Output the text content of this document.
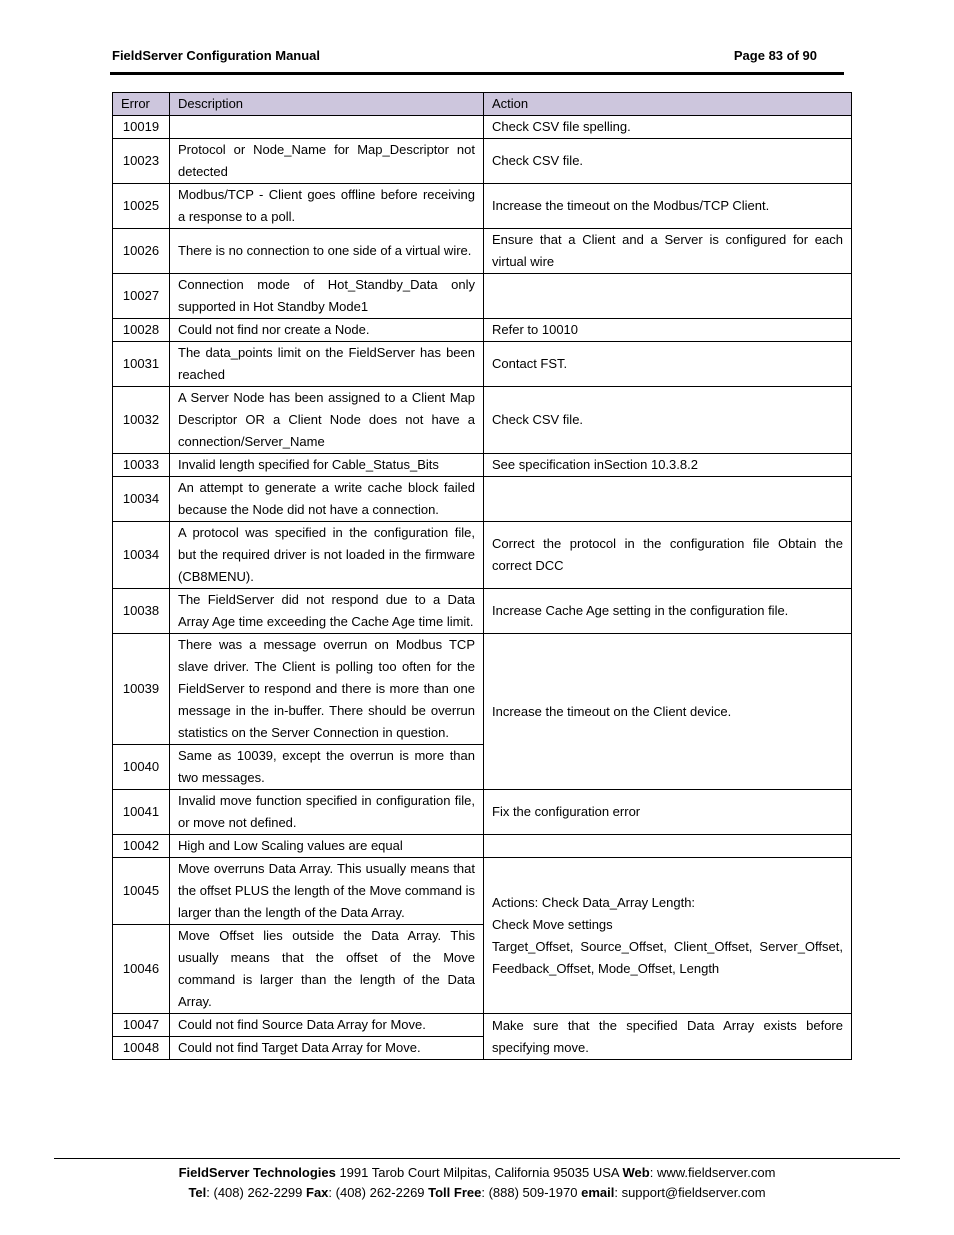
FieldServer Configuration Manual	Page 83 of 90
Error	Description	Action
10019		Check CSV file spelling.
10023	Protocol or Node_Name for Map_Descriptor not detected	Check CSV file.
10025	Modbus/TCP - Client goes offline before receiving a response to a poll.	Increase the timeout on the Modbus/TCP Client.
10026	There is no connection to one side of a virtual wire.	Ensure that a Client and a Server is configured for each virtual wire
10027	Connection mode of Hot_Standby_Data only supported in Hot Standby Mode1	
10028	Could not find nor create a Node.	Refer to 10010
10031	The data_points limit on the FieldServer has been reached	Contact FST.
10032	A Server Node has been assigned to a Client Map Descriptor OR a Client Node does not have a connection/Server_Name	Check CSV file.
10033	Invalid length specified for Cable_Status_Bits	See specification inSection 10.3.8.2
10034	An attempt to generate a write cache block failed because the Node did not have a connection.	
10034	A protocol was specified in the configuration file, but the required driver is not loaded in the firmware (CB8MENU).	Correct the protocol in the configuration file Obtain the correct DCC
10038	The FieldServer did not respond due to a Data Array Age time exceeding the Cache Age time limit.	Increase Cache Age setting in the configuration file.
10039	There was a message overrun on Modbus TCP slave driver. The Client is polling too often for the FieldServer to respond and there is more than one message in the in-buffer. There should be overrun statistics on the Server Connection in question.	Increase the timeout on the Client device.
10040	Same as 10039, except the overrun is more than two messages.	
10041	Invalid move function specified in configuration file, or move not defined.	Fix the configuration error
10042	High and Low Scaling values are equal	
10045	Move overruns Data Array. This usually means that the offset PLUS the length of the Move command is larger than the length of the Data Array.	Actions: Check Data_Array Length:
Check Move settings
Target_Offset, Source_Offset, Client_Offset, Server_Offset, Feedback_Offset, Mode_Offset, Length

10046	Move Offset lies outside the Data Array. This usually means that the offset of the Move command is larger than the length of the Data Array.	
10047	Could not find Source Data Array for Move.	Make sure that the specified Data Array exists before specifying move.
10048	Could not find Target Data Array for Move.	
FieldServer Technologies 1991 Tarob Court Milpitas, California 95035 USA Web: www.fieldserver.com
Tel: (408) 262-2299 Fax: (408) 262-2269 Toll Free: (888) 509-1970 email: support@fieldserver.com
